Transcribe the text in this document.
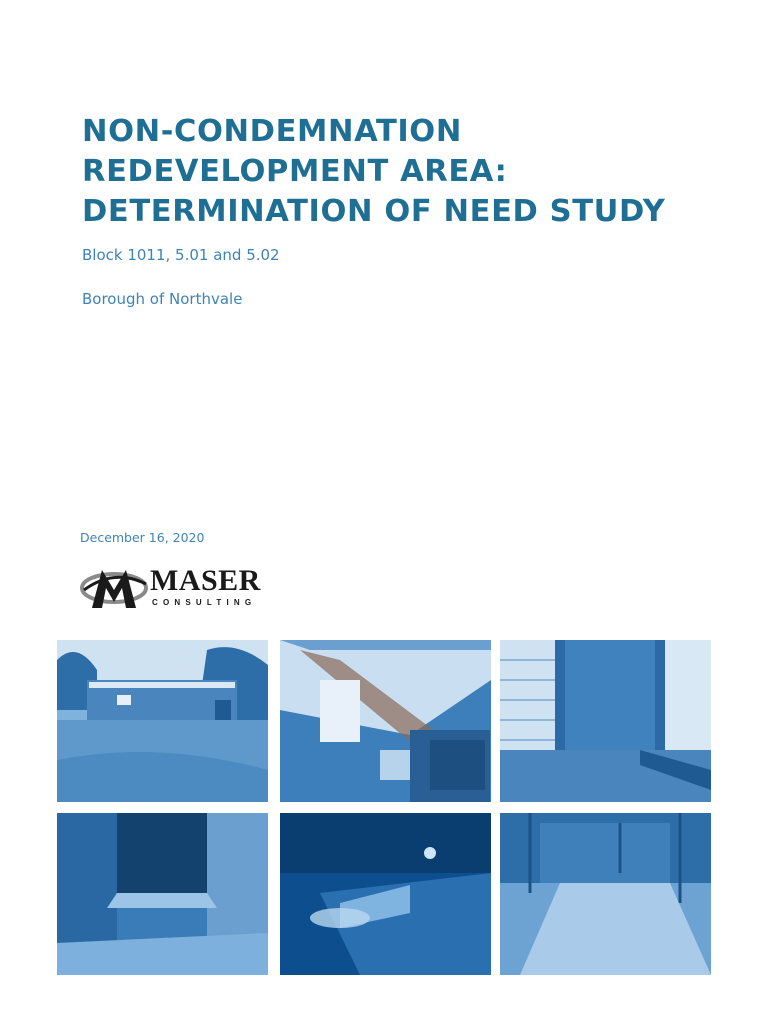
NON-CONDEMNATION
REDEVELOPMENT AREA:
DETERMINATION OF NEED STUDY
Block 1011, 5.01 and 5.02
Borough of Northvale
December 16, 2020
MASER
CONSULTING
